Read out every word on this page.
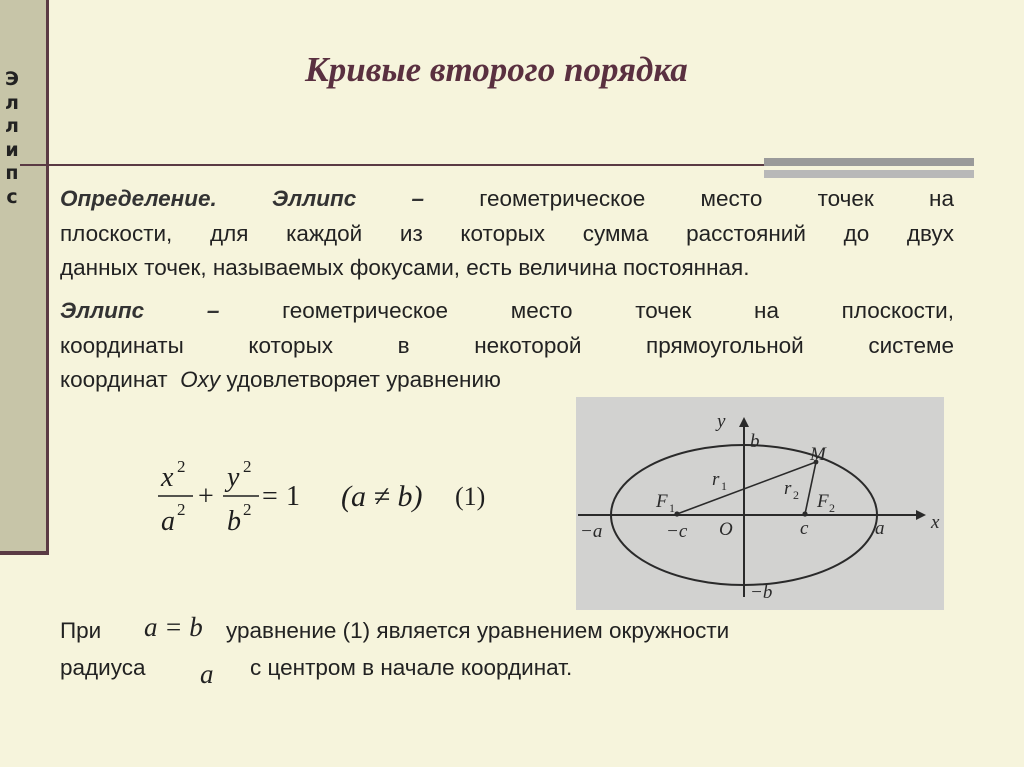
Э
л
л
и
п
с
Кривые второго порядка
Определение. Эллипс – геометрическое место точек на
плоскости, для каждой из которых сумма расстояний до двух
данных точек, называемых фокусами, есть величина постоянная.
Эллипс –	геометрическое место точек на плоскости,
координаты которых в некоторой прямоугольной системе
координат Oxy удовлетворяет уравнению
x 2
a 2 +
y 2
b 2 = 1 (a ≠ b) (1)
y
x
b
−b
a
−a	c
−c O
M
F 1	F 2
r 1	r 2
При a = b уравнение (1) является уравнением окружности
радиуса a с центром в начале координат.
